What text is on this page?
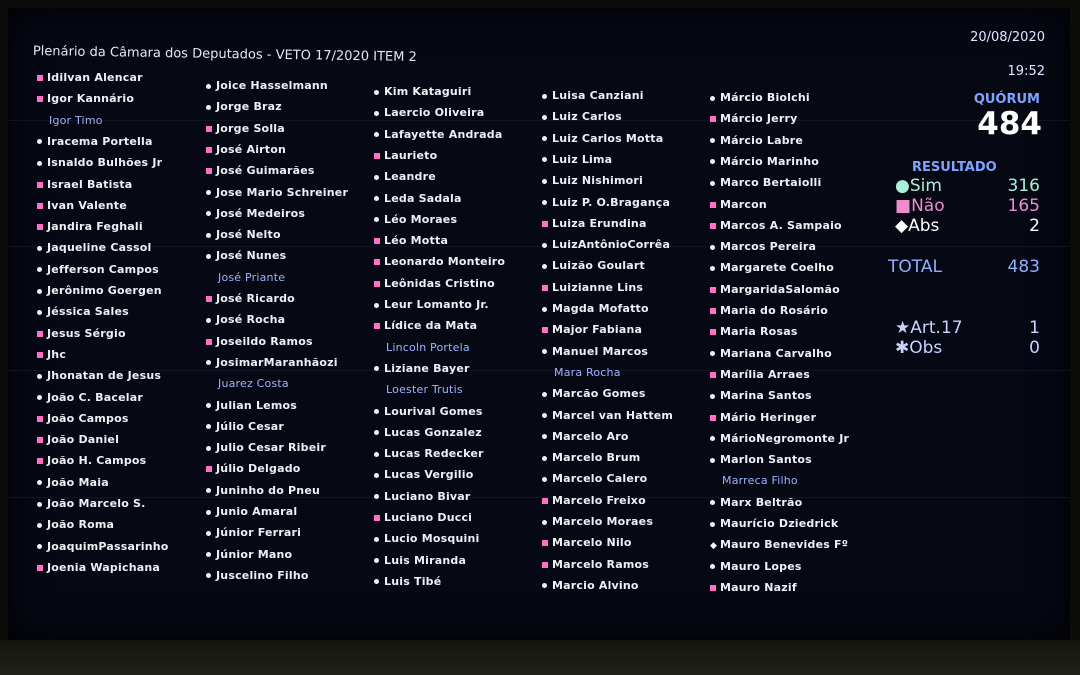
Plenário da Câmara dos Deputados - VETO 17/2020 ITEM 2
20/08/2020
19:52
QUÓRUM
484
RESULTADO
●Sim	316
■Não	165
◆Abs	2
TOTAL	483
★Art.17	1
✱Obs	0
Idilvan Alencar
Igor Kannário
Igor Timo
Iracema Portella
Isnaldo Bulhões Jr
Israel Batista
Ivan Valente
Jandira Feghali
Jaqueline Cassol
Jefferson Campos
Jerônimo Goergen
Jéssica Sales
Jesus Sérgio
Jhc
Jhonatan de Jesus
João C. Bacelar
João Campos
João Daniel
João H. Campos
João Maia
João Marcelo S.
João Roma
JoaquimPassarinho
Joenia Wapichana
Joice Hasselmann
Jorge Braz
Jorge Solla
José Airton
José Guimarães
Jose Mario Schreiner
José Medeiros
José Nelto
José Nunes
José Priante
José Ricardo
José Rocha
Joseildo Ramos
JosimarMaranhãozi
Juarez Costa
Julian Lemos
Júlio Cesar
Julio Cesar Ribeir
Júlio Delgado
Juninho do Pneu
Junio Amaral
Júnior Ferrari
Júnior Mano
Juscelino Filho
Kim Kataguiri
Laercio Oliveira
Lafayette Andrada
Laurieto
Leandre
Leda Sadala
Léo Moraes
Léo Motta
Leonardo Monteiro
Leônidas Cristino
Leur Lomanto Jr.
Lídice da Mata
Lincoln Portela
Liziane Bayer
Loester Trutis
Lourival Gomes
Lucas Gonzalez
Lucas Redecker
Lucas Vergilio
Luciano Bivar
Luciano Ducci
Lucio Mosquini
Luis Miranda
Luis Tibé
Luisa Canziani
Luiz Carlos
Luiz Carlos Motta
Luiz Lima
Luiz Nishimori
Luiz P. O.Bragança
Luiza Erundina
LuizAntônioCorrêa
Luizão Goulart
Luizianne Lins
Magda Mofatto
Major Fabiana
Manuel Marcos
Mara Rocha
Marcão Gomes
Marcel van Hattem
Marcelo Aro
Marcelo Brum
Marcelo Calero
Marcelo Freixo
Marcelo Moraes
Marcelo Nilo
Marcelo Ramos
Marcio Alvino
Márcio Biolchi
Márcio Jerry
Márcio Labre
Márcio Marinho
Marco Bertaiolli
Marcon
Marcos A. Sampaio
Marcos Pereira
Margarete Coelho
MargaridaSalomão
Maria do Rosário
Maria Rosas
Mariana Carvalho
Marília Arraes
Marina Santos
Mário Heringer
MárioNegromonte Jr
Marlon Santos
Marreca Filho
Marx Beltrão
Maurício Dziedrick
◆Mauro Benevides Fº
Mauro Lopes
Mauro Nazif
